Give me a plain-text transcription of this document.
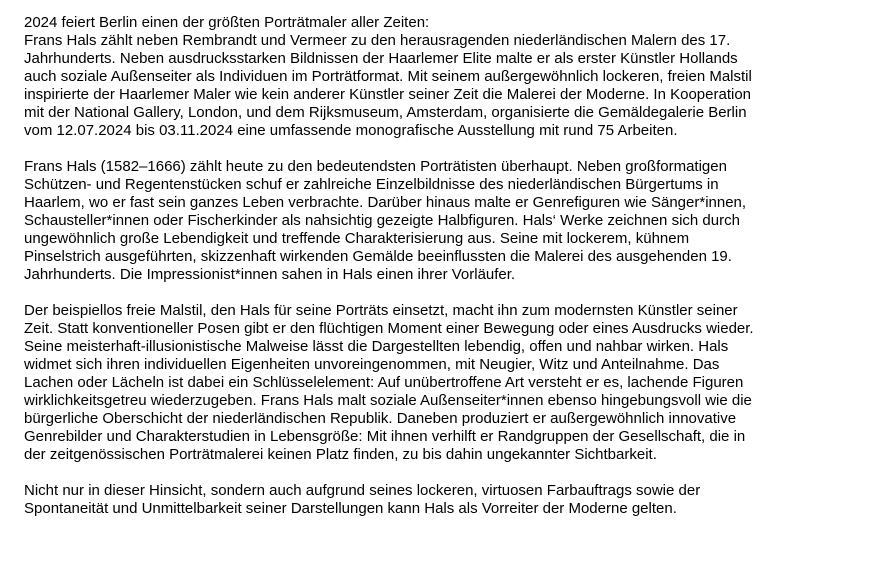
2024 feiert Berlin einen der größten Porträtmaler aller Zeiten:
Frans Hals zählt neben Rembrandt und Vermeer zu den herausragenden niederländischen Malern des 17.
Jahrhunderts. Neben ausdrucksstarken Bildnissen der Haarlemer Elite malte er als erster Künstler Hollands
auch soziale Außenseiter als Individuen im Porträtformat. Mit seinem außergewöhnlich lockeren, freien Malstil
inspirierte der Haarlemer Maler wie kein anderer Künstler seiner Zeit die Malerei der Moderne. In Kooperation
mit der National Gallery, London, und dem Rijksmuseum, Amsterdam, organisierte die Gemäldegalerie Berlin
vom 12.07.2024 bis 03.11.2024 eine umfassende monografische Ausstellung mit rund 75 Arbeiten.

Frans Hals (1582–1666) zählt heute zu den bedeutendsten Porträtisten überhaupt. Neben großformatigen
Schützen- und Regentenstücken schuf er zahlreiche Einzelbildnisse des niederländischen Bürgertums in
Haarlem, wo er fast sein ganzes Leben verbrachte. Darüber hinaus malte er Genrefiguren wie Sänger*innen,
Schausteller*innen oder Fischerkinder als nahsichtig gezeigte Halbfiguren. Hals‘ Werke zeichnen sich durch
ungewöhnlich große Lebendigkeit und treffende Charakterisierung aus. Seine mit lockerem, kühnem
Pinselstrich ausgeführten, skizzenhaft wirkenden Gemälde beeinflussten die Malerei des ausgehenden 19.
Jahrhunderts. Die Impressionist*innen sahen in Hals einen ihrer Vorläufer.

Der beispiellos freie Malstil, den Hals für seine Porträts einsetzt, macht ihn zum modernsten Künstler seiner
Zeit. Statt konventioneller Posen gibt er den flüchtigen Moment einer Bewegung oder eines Ausdrucks wieder.
Seine meisterhaft-illusionistische Malweise lässt die Dargestellten lebendig, offen und nahbar wirken. Hals
widmet sich ihren individuellen Eigenheiten unvoreingenommen, mit Neugier, Witz und Anteilnahme. Das
Lachen oder Lächeln ist dabei ein Schlüsselelement: Auf unübertroffene Art versteht er es, lachende Figuren
wirklichkeitsgetreu wiederzugeben. Frans Hals malt soziale Außenseiter*innen ebenso hingebungsvoll wie die
bürgerliche Oberschicht der niederländischen Republik. Daneben produziert er außergewöhnlich innovative
Genrebilder und Charakterstudien in Lebensgröße: Mit ihnen verhilft er Randgruppen der Gesellschaft, die in
der zeitgenössischen Porträtmalerei keinen Platz finden, zu bis dahin ungekannter Sichtbarkeit.

Nicht nur in dieser Hinsicht, sondern auch aufgrund seines lockeren, virtuosen Farbauftrags sowie der
Spontaneität und Unmittelbarkeit seiner Darstellungen kann Hals als Vorreiter der Moderne gelten.
